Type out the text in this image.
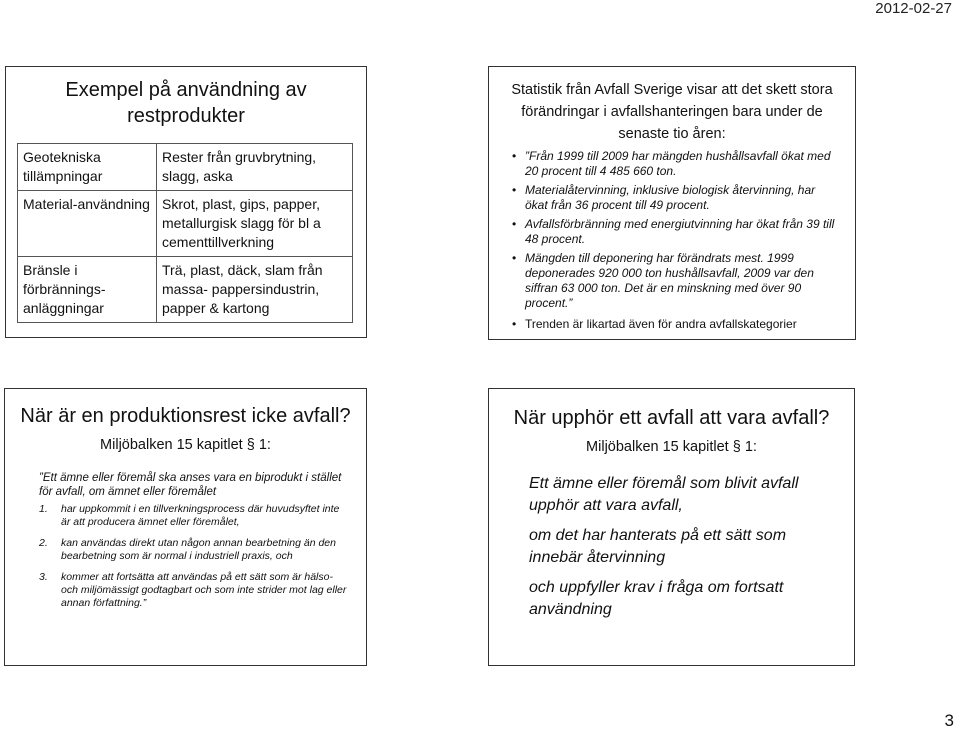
2012-02-27
Exempel på användning av restprodukter
Geotekniska tillämpningar	Rester från gruvbrytning, slagg, aska
Material-användning	Skrot, plast, gips, papper, metallurgisk slagg för bl a cementtillverkning
Bränsle i förbrännings-anläggningar	Trä, plast, däck, slam från massa- pappersindustrin, papper & kartong
Statistik från Avfall Sverige visar att det skett stora förändringar i avfallshanteringen bara under de senaste tio åren:
• ”Från 1999 till 2009 har mängden hushållsavfall ökat med 20 procent till 4 485 660 ton.
• Materialåtervinning, inklusive biologisk återvinning, har ökat från 36 procent till 49 procent.
• Avfallsförbränning med energiutvinning har ökat från 39 till 48 procent.
• Mängden till deponering har förändrats mest. 1999 deponerades 920 000 ton hushållsavfall, 2009 var den siffran 63 000 ton. Det är en minskning med över 90 procent.”
• Trenden är likartad även för andra avfallskategorier
När är en produktionsrest icke avfall?
Miljöbalken 15 kapitlet § 1:
”Ett ämne eller föremål ska anses vara en biprodukt i stället för avfall, om ämnet eller föremålet
1. har uppkommit i en tillverkningsprocess där huvudsyftet inte är att producera ämnet eller föremålet,
2. kan användas direkt utan någon annan bearbetning än den bearbetning som är normal i industriell praxis, och
3. kommer att fortsätta att användas på ett sätt som är hälso- och miljömässigt godtagbart och som inte strider mot lag eller annan författning.”
När upphör ett avfall att vara avfall?
Miljöbalken 15 kapitlet § 1:

Ett ämne eller föremål som blivit avfall upphör att vara avfall,

om det har hanterats på ett sätt som innebär återvinning

och uppfyller krav i fråga om fortsatt användning

3
